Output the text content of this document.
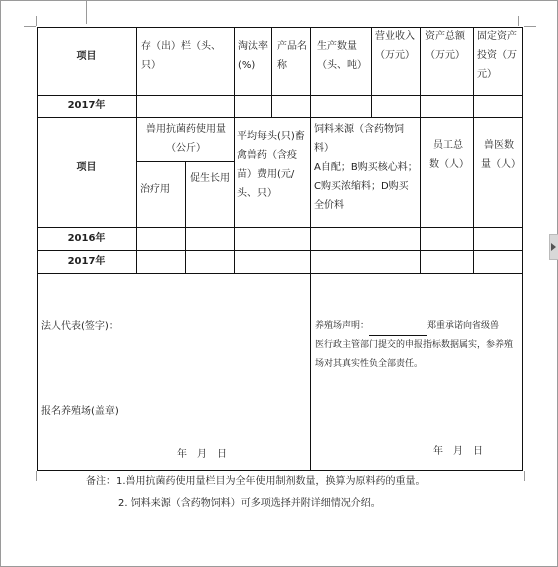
项目
存（出）栏（头、只）
淘汰率(%)
产品名称
生产数量（头、吨）
营业收入（万元）
资产总额（万元）
固定资产投资（万元）
2017年
项目
兽用抗菌药使用量（公斤）
治疗用
促生长用
平均每头(只)畜禽兽药（含疫苗）费用(元/头、只）
饲料来源（含药物饲料）
A自配；B购买核心料；C购买浓缩料；D购买全价料
员工总数（人）
兽医数量（人）
2016年
2017年
法人代表(签字)：
报名养殖场(盖章)
年　月　日
养殖场声明：	郑重承诺向省级兽
医行政主管部门提交的申报指标数据属实，参养殖场对其真实性负全部责任。
年　月　日
备注：1.兽用抗菌药使用量栏目为全年使用制剂数量，换算为原料药的重量。
2. 饲料来源（含药物饲料）可多项选择并附详细情况介绍。
